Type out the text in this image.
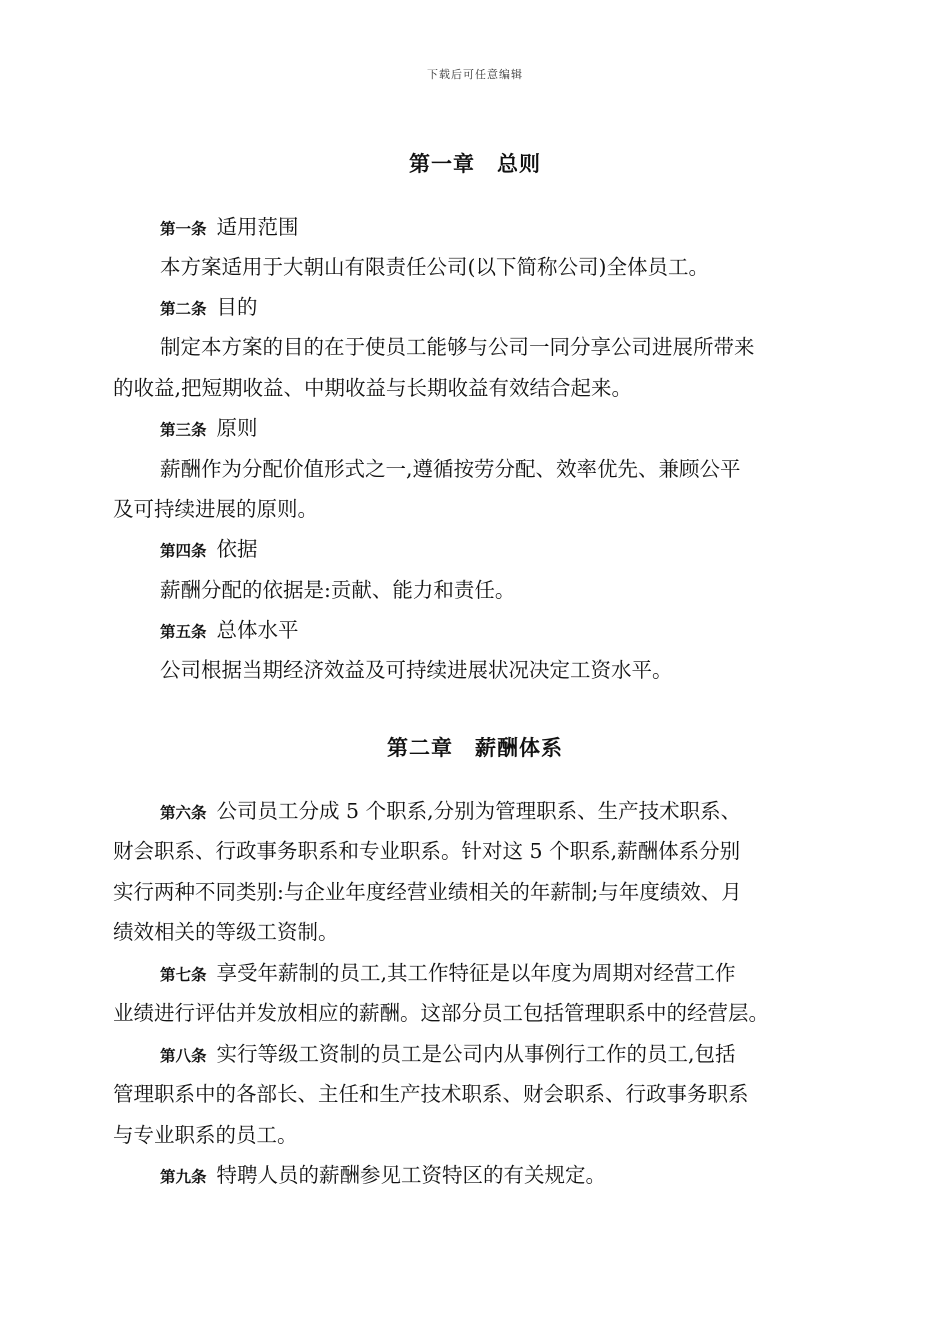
下载后可任意编辑
第一章 总则
第一条 适用范围
本方案适用于大朝山有限责任公司(以下简称公司)全体员工。
第二条 目的
制定本方案的目的在于使员工能够与公司一同分享公司进展所带来
的收益,把短期收益、中期收益与长期收益有效结合起来。
第三条 原则
薪酬作为分配价值形式之一,遵循按劳分配、效率优先、兼顾公平
及可持续进展的原则。
第四条 依据
薪酬分配的依据是:贡献、能力和责任。
第五条 总体水平
公司根据当期经济效益及可持续进展状况决定工资水平。
第二章 薪酬体系
第六条 公司员工分成 5 个职系,分别为管理职系、生产技术职系、
财会职系、行政事务职系和专业职系。针对这 5 个职系,薪酬体系分别
实行两种不同类别:与企业年度经营业绩相关的年薪制;与年度绩效、月
绩效相关的等级工资制。
第七条 享受年薪制的员工,其工作特征是以年度为周期对经营工作
业绩进行评估并发放相应的薪酬。这部分员工包括管理职系中的经营层。
第八条 实行等级工资制的员工是公司内从事例行工作的员工,包括
管理职系中的各部长、主任和生产技术职系、财会职系、行政事务职系
与专业职系的员工。
第九条 特聘人员的薪酬参见工资特区的有关规定。
